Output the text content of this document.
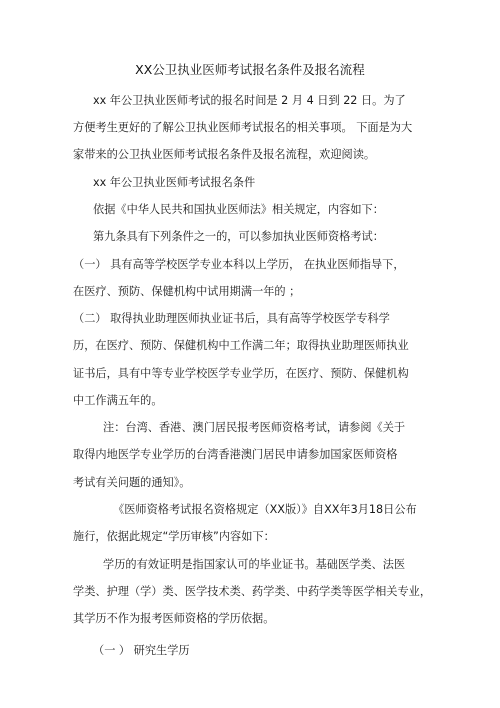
XX公卫执业医师考试报名条件及报名流程
xx 年公卫执业医师考试的报名时间是 2 月 4 日到 22 日。为了
方便考生更好的了解公卫执业医师考试报名的相关事项。 下面是为大
家带来的公卫执业医师考试报名条件及报名流程，欢迎阅读。
xx 年公卫执业医师考试报名条件
依据《中华人民共和国执业医师法》相关规定，内容如下：
第九条具有下列条件之一的，可以参加执业医师资格考试：
（一） 具有高等学校医学专业本科以上学历， 在执业医师指导下，
在医疗、预防、保健机构中试用期满一年的 ；
（二） 取得执业助理医师执业证书后，具有高等学校医学专科学
历，在医疗、预防、保健机构中工作满二年；取得执业助理医师执业
证书后，具有中等专业学校医学专业学历，在医疗、预防、保健机构
中工作满五年的。
注：台湾、香港、澳门居民报考医师资格考试，请参阅《关于
取得内地医学专业学历的台湾香港澳门居民申请参加国家医师资格
考试有关问题的通知》。
《医师资格考试报名资格规定（XX版）》自XX年3月18日公布
施行，依据此规定“学历审核”内容如下：
学历的有效证明是指国家认可的毕业证书。基础医学类、法医
学类、护理（学）类、医学技术类、药学类、中药学类等医学相关专业，
其学历不作为报考医师资格的学历依据。
（一 ） 研究生学历
